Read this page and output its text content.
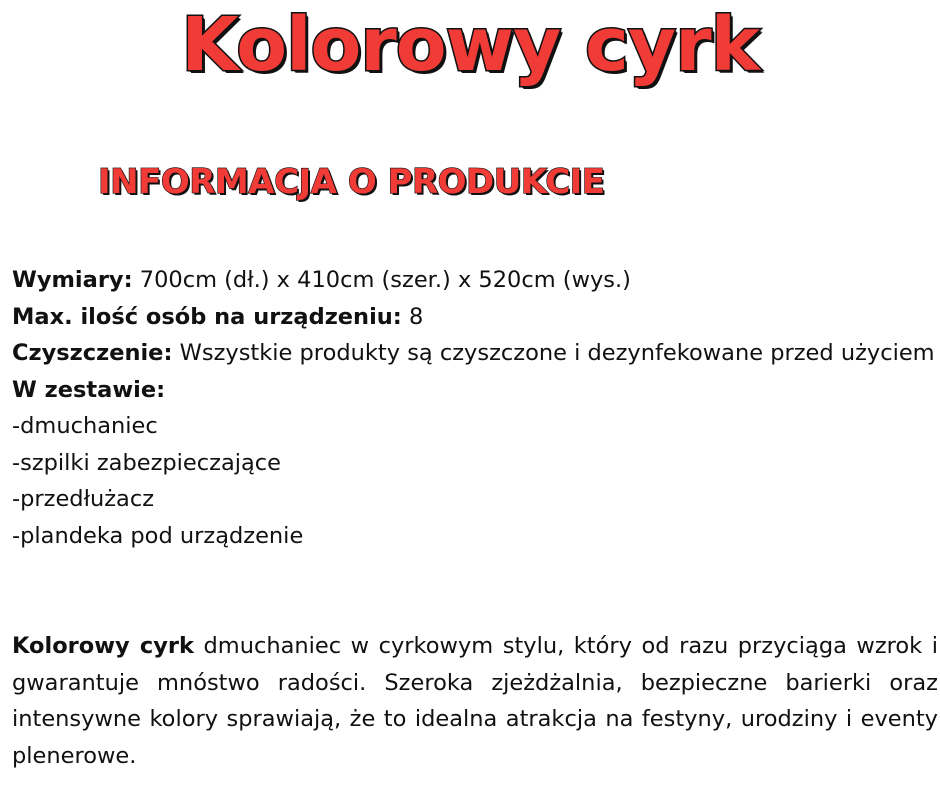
Kolorowy cyrk
INFORMACJA O PRODUKCIE
Wymiary: 700cm (dł.) x 410cm (szer.) x 520cm (wys.)
Max. ilość osób na urządzeniu: 8
Czyszczenie: Wszystkie produkty są czyszczone i dezynfekowane przed użyciem
W zestawie:
-dmuchaniec
-szpilki zabezpieczające
-przedłużacz
-plandeka pod urządzenie
Kolorowy cyrk dmuchaniec w cyrkowym stylu, który od razu przyciąga wzrok i gwarantuje mnóstwo radości. Szeroka zjeżdżalnia, bezpieczne barierki oraz intensywne kolory sprawiają, że to idealna atrakcja na festyny, urodziny i eventy plenerowe.
